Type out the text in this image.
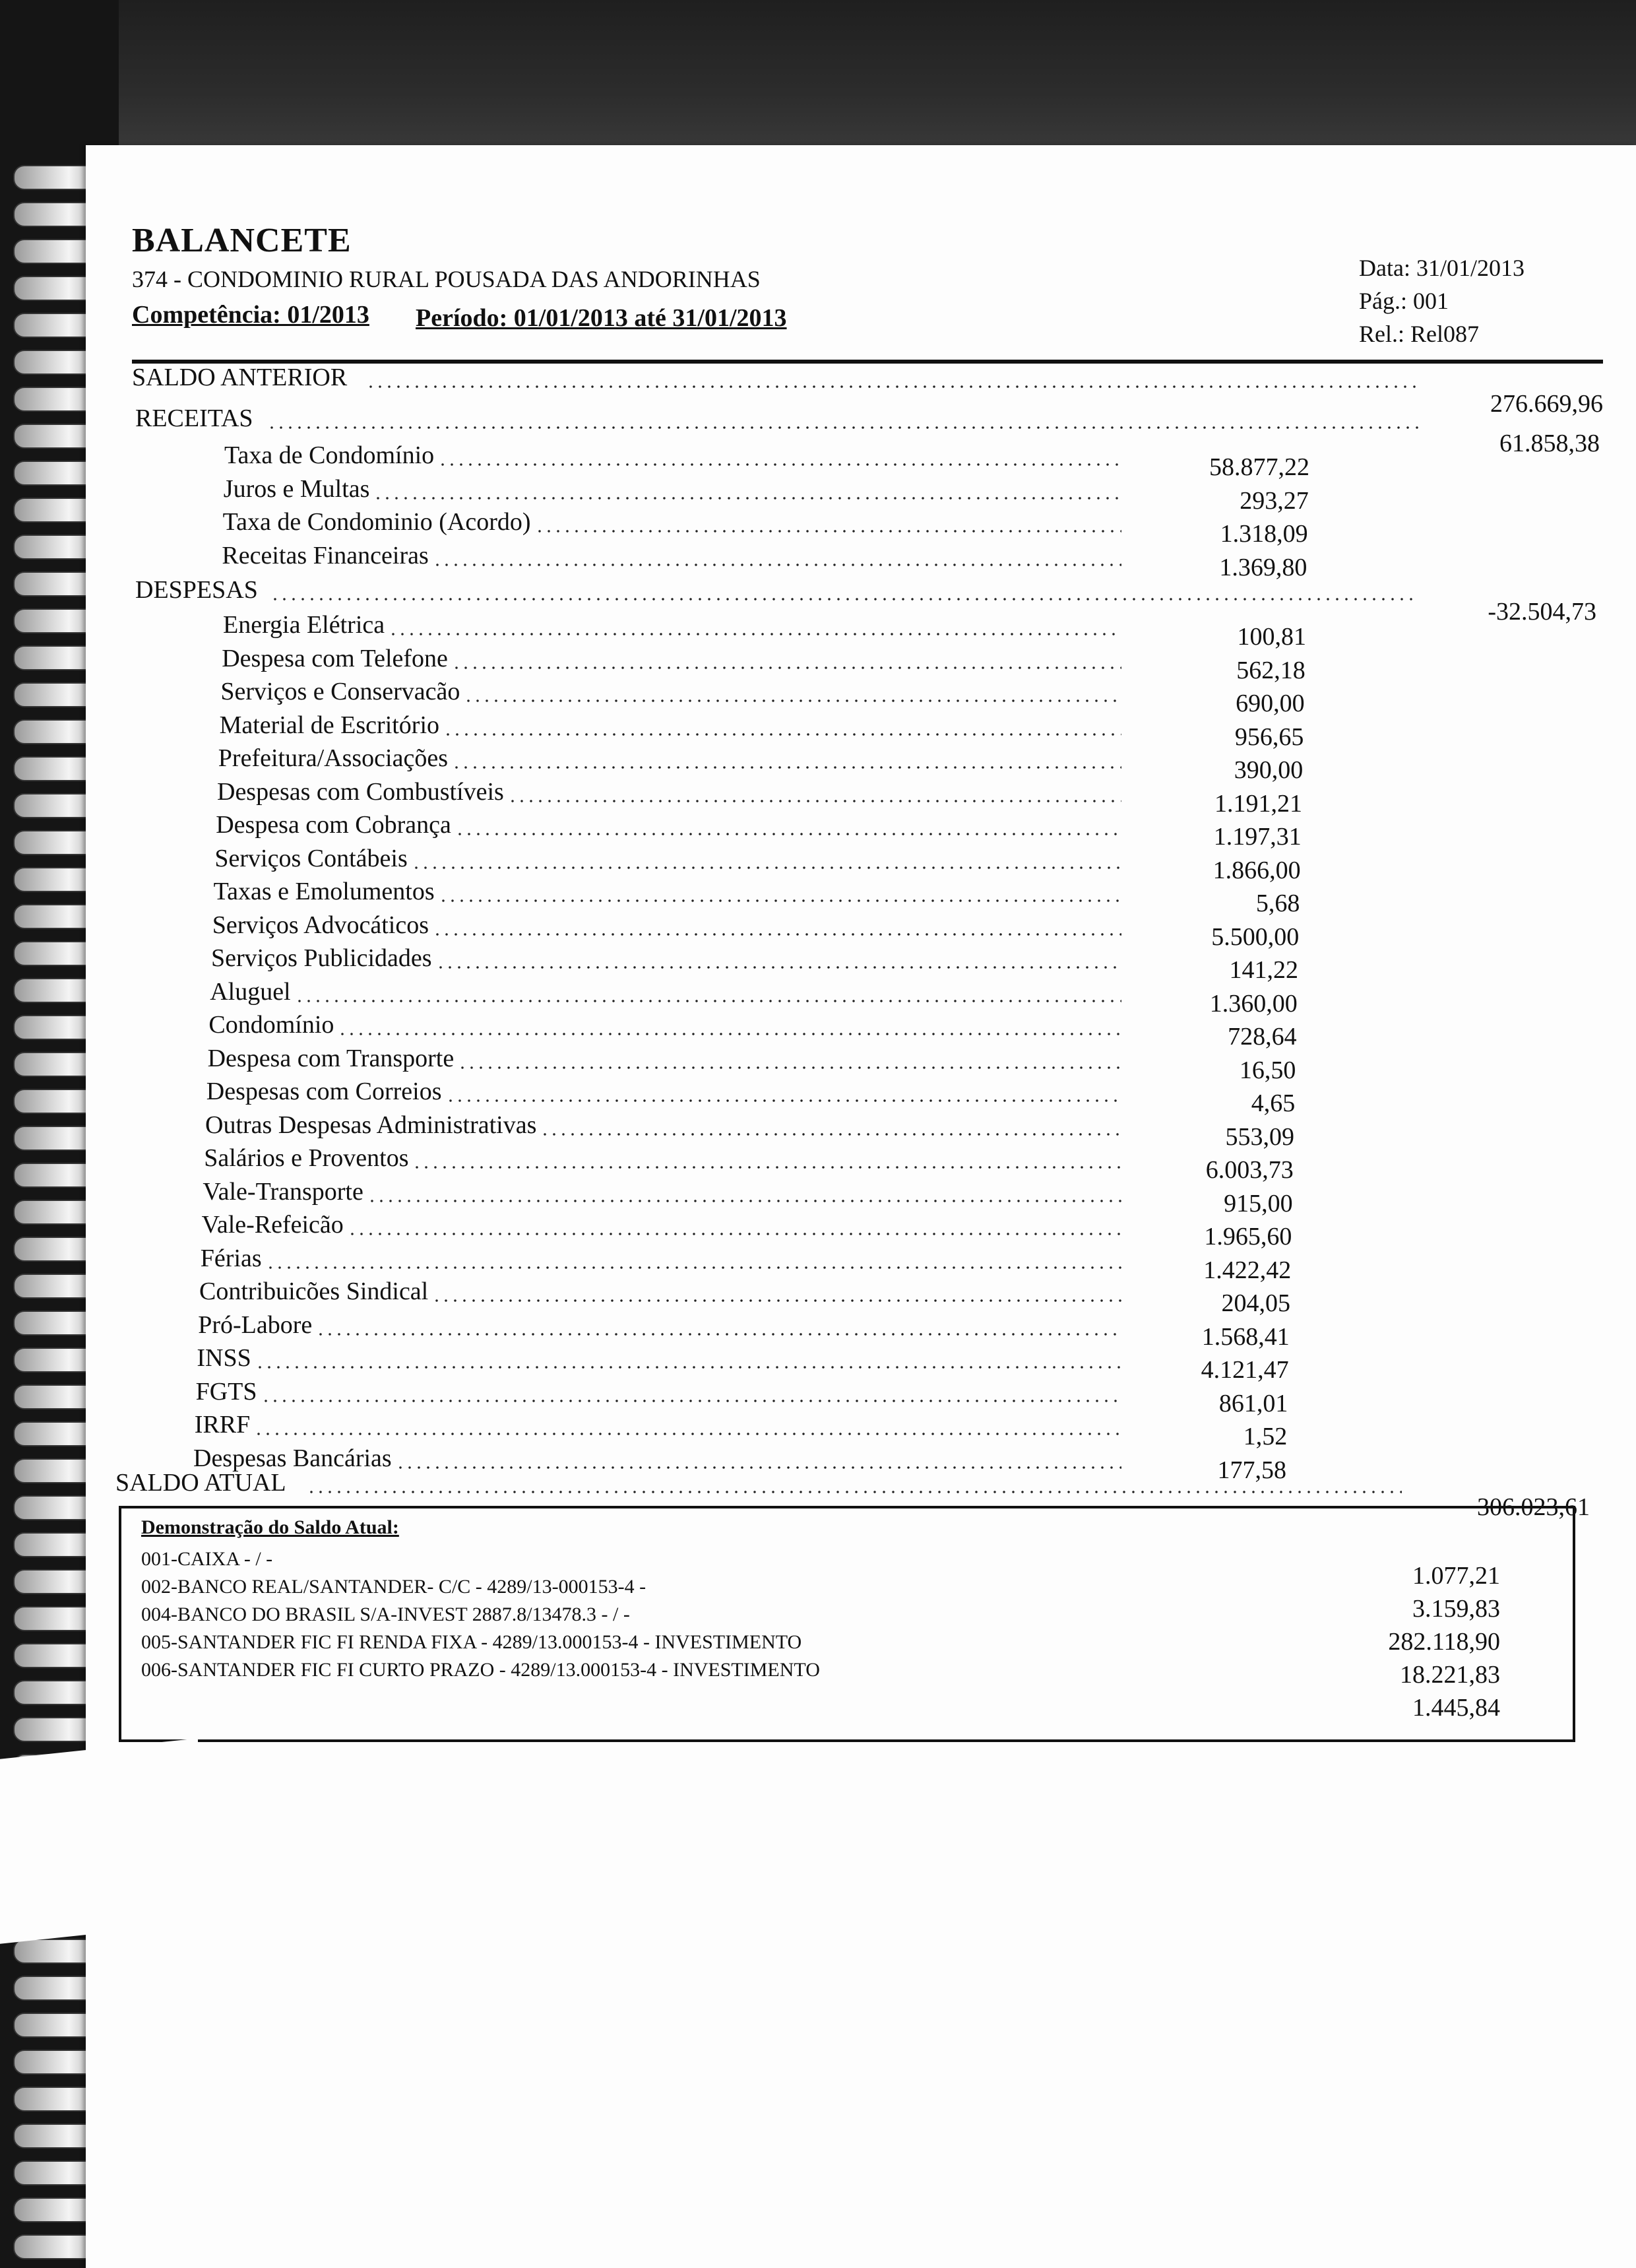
BALANCETE
374 - CONDOMINIO RURAL POUSADA DAS ANDORINHAS
Competência: 01/2013 Período: 01/01/2013 até 31/01/2013
Data: 31/01/2013
Pág.: 001
Rel.: Rel087
SALDO ANTERIOR
276.669,96
RECEITAS
61.858,38
Taxa de Condomínio	58.877,22
Juros e Multas	293,27
Taxa de Condominio (Acordo)	1.318,09
Receitas Financeiras	1.369,80
DESPESAS
-32.504,73
Energia Elétrica	100,81
Despesa com Telefone	562,18
Serviços e Conservacão	690,00
Material de Escritório	956,65
Prefeitura/Associações	390,00
Despesas com Combustíveis	1.191,21
Despesa com Cobrança	1.197,31
Serviços Contábeis	1.866,00
Taxas e Emolumentos	5,68
Serviços Advocáticos	5.500,00
Serviços Publicidades	141,22
Aluguel	1.360,00
Condomínio	728,64
Despesa com Transporte	16,50
Despesas com Correios	4,65
Outras Despesas Administrativas	553,09
Salários e Proventos	6.003,73
Vale-Transporte	915,00
Vale-Refeicão	1.965,60
Férias	1.422,42
Contribuicões Sindical	204,05
Pró-Labore	1.568,41
INSS	4.121,47
FGTS	861,01
IRRF	1,52
Despesas Bancárias	177,58
SALDO ATUAL
306.023,61
Demonstração do Saldo Atual:
001-CAIXA - / -
1.077,21
002-BANCO REAL/SANTANDER- C/C - 4289/13-000153-4 -
3.159,83
004-BANCO DO BRASIL S/A-INVEST 2887.8/13478.3 - / -
282.118,90
005-SANTANDER FIC FI RENDA FIXA - 4289/13.000153-4 - INVESTIMENTO
18.221,83
006-SANTANDER FIC FI CURTO PRAZO - 4289/13.000153-4 - INVESTIMENTO
1.445,84
